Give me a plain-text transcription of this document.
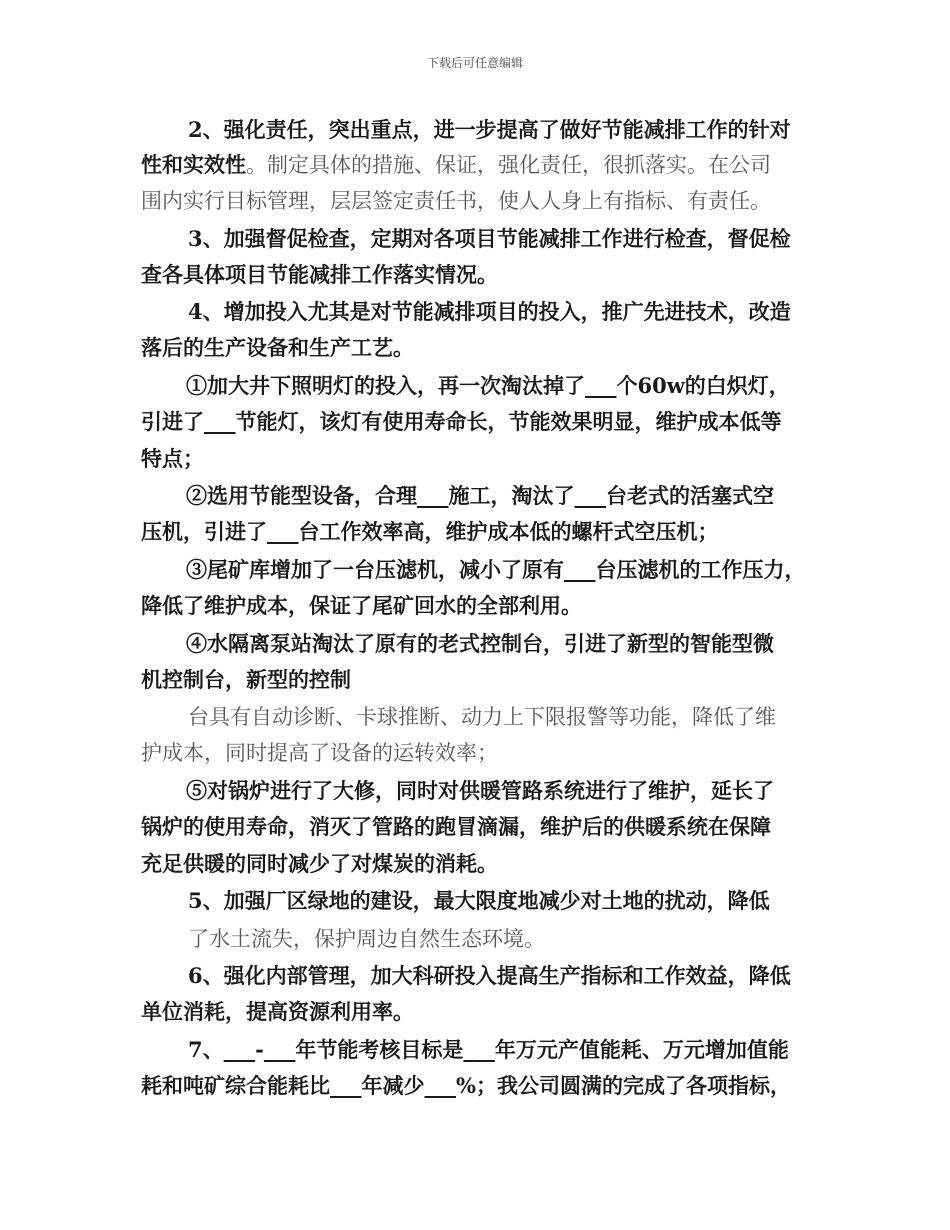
下载后可任意编辑
2、强化责任，突出重点，进一步提高了做好节能减排工作的针对
性和实效性。制定具体的措施、保证，强化责任，很抓落实。在公司
围内实行目标管理，层层签定责任书，使人人身上有指标、有责任。
3、加强督促检查，定期对各项目节能减排工作进行检查，督促检
查各具体项目节能减排工作落实情况。
4、增加投入尤其是对节能减排项目的投入，推广先进技术，改造
落后的生产设备和生产工艺。
①加大井下照明灯的投入，再一次淘汰掉了___个60w的白炽灯，
引进了___节能灯，该灯有使用寿命长，节能效果明显，维护成本低等
特点；
②选用节能型设备，合理___施工，淘汰了___台老式的活塞式空
压机，引进了___台工作效率高，维护成本低的螺杆式空压机；
③尾矿库增加了一台压滤机，减小了原有___台压滤机的工作压力，
降低了维护成本，保证了尾矿回水的全部利用。
④水隔离泵站淘汰了原有的老式控制台，引进了新型的智能型微
机控制台，新型的控制
台具有自动诊断、卡球推断、动力上下限报警等功能，降低了维
护成本，同时提高了设备的运转效率；
⑤对锅炉进行了大修，同时对供暖管路系统进行了维护，延长了
锅炉的使用寿命，消灭了管路的跑冒滴漏，维护后的供暖系统在保障
充足供暖的同时减少了对煤炭的消耗。
5、加强厂区绿地的建设，最大限度地减少对土地的扰动，降低
了水土流失，保护周边自然生态环境。
6、强化内部管理，加大科研投入提高生产指标和工作效益，降低
单位消耗，提高资源利用率。
7、___-___年节能考核目标是___年万元产值能耗、万元增加值能
耗和吨矿综合能耗比___年减少___%；我公司圆满的完成了各项指标，
